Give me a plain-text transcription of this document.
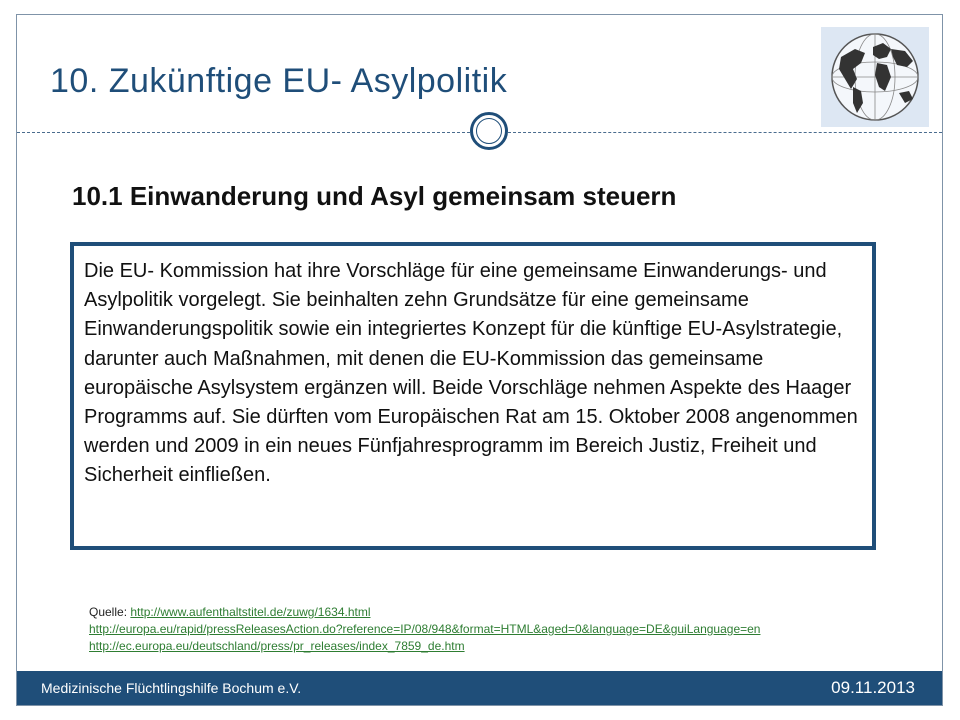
10. Zukünftige EU- Asylpolitik
10.1 Einwanderung und Asyl gemeinsam steuern
Die EU- Kommission hat ihre Vorschläge für eine gemeinsame Einwanderungs- und Asylpolitik vorgelegt. Sie beinhalten zehn Grundsätze für eine gemeinsame Einwanderungspolitik sowie ein integriertes Konzept für die künftige EU-Asylstrategie, darunter auch Maßnahmen, mit denen die EU-Kommission das gemeinsame europäische Asylsystem ergänzen will. Beide Vorschläge nehmen Aspekte des Haager Programms auf. Sie dürften vom Europäischen Rat am 15. Oktober 2008 angenommen werden und 2009 in ein neues Fünfjahresprogramm im Bereich Justiz, Freiheit und Sicherheit einfließen.
Quelle: http://www.aufenthaltstitel.de/zuwg/1634.html
http://europa.eu/rapid/pressReleasesAction.do?reference=IP/08/948&format=HTML&aged=0&language=DE&guiLanguage=en
http://ec.europa.eu/deutschland/press/pr_releases/index_7859_de.htm
Medizinische Flüchtlingshilfe Bochum e.V.	09.11.2013
